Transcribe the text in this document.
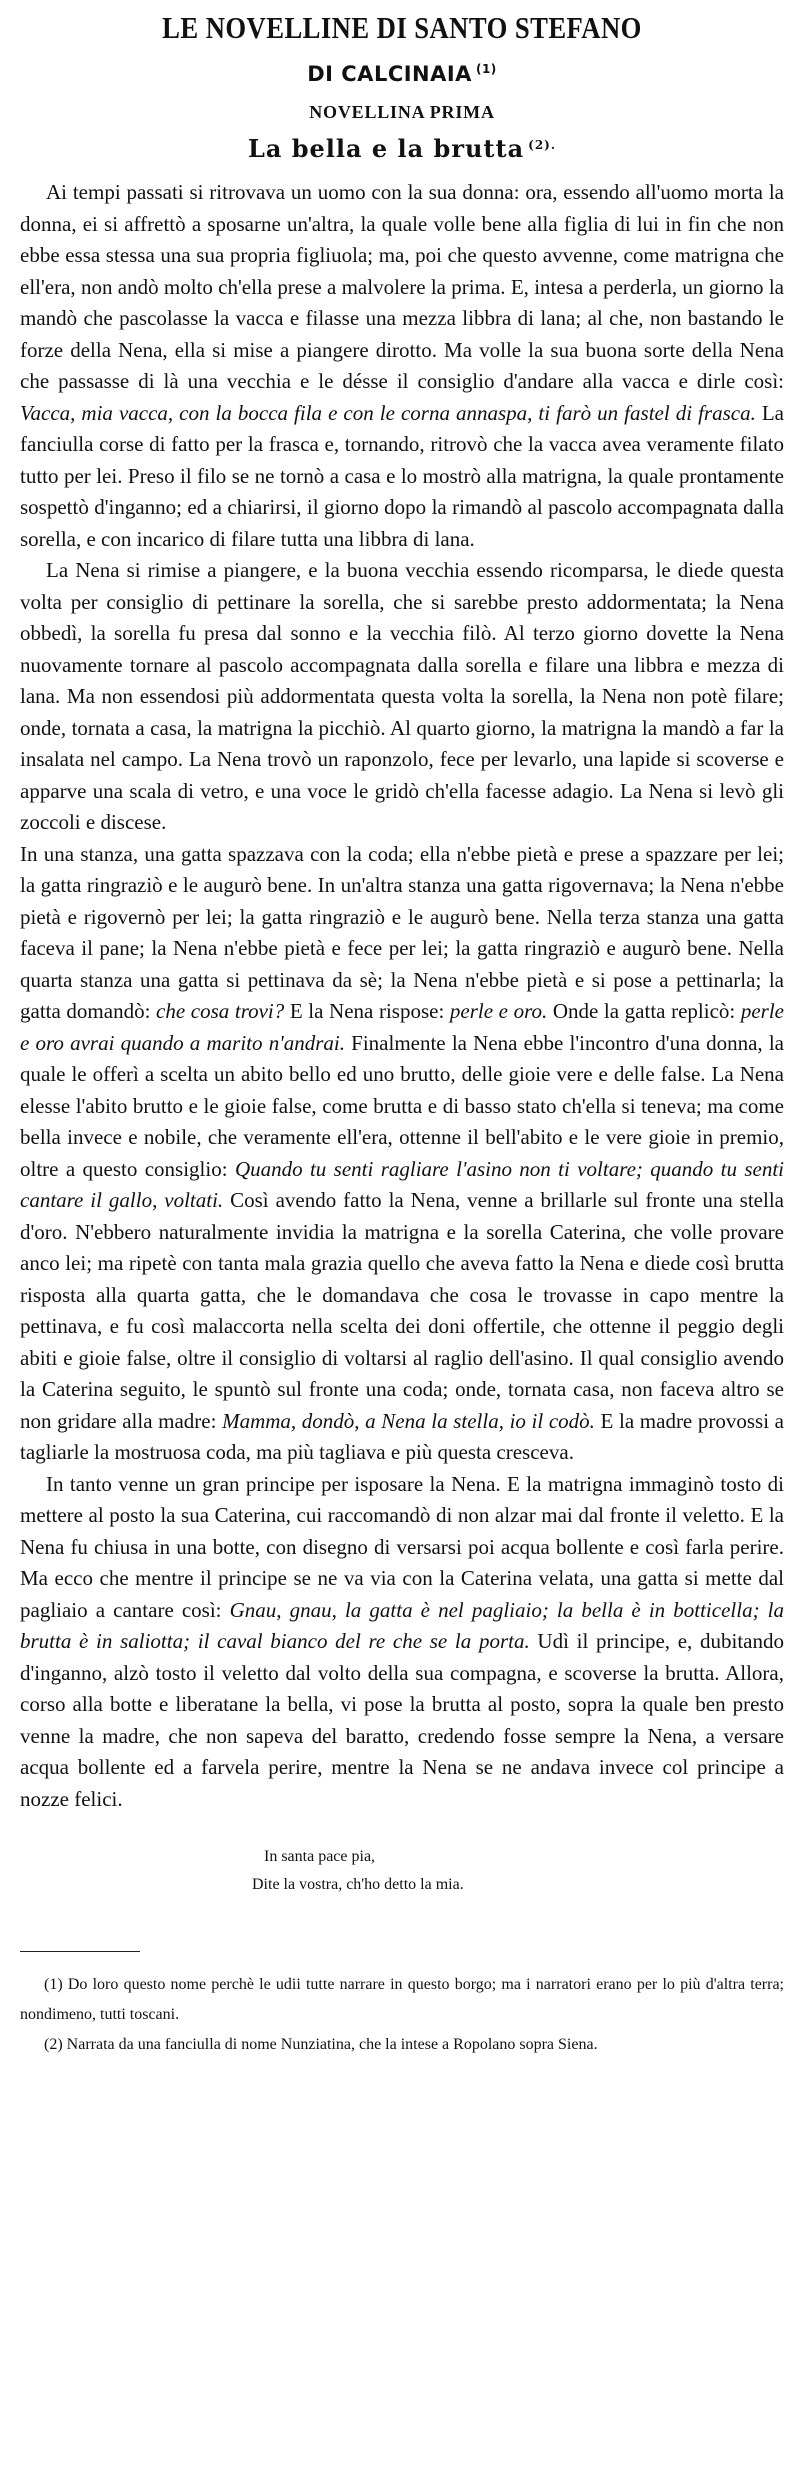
LE NOVELLINE DI SANTO STEFANO
DI CALCINAIA $^{(1)}$
NOVELLINA PRIMA
La bella e la brutta $^{(2).}$

Ai tempi passati si ritrovava un uomo con la sua donna: ora, essendo all'uomo morta la donna, ei si affrettò a sposarne un'altra, la quale volle bene alla figlia di lui in fin che non ebbe essa stessa una sua propria figliuola; ma, poi che questo avvenne, come matrigna che ell'era, non andò molto ch'ella prese a malvolere la prima. E, intesa a perderla, un giorno la mandò che pascolasse la vacca e filasse una mezza libbra di lana; al che, non bastando le forze della Nena, ella si mise a piangere dirotto. Ma volle la sua buona sorte della Nena che passasse di là una vecchia e le désse il consiglio d'andare alla vacca e dirle così: Vacca, mia vacca, con la bocca fila e con le corna annaspa, ti farò un fastel di frasca. La fanciulla corse di fatto per la frasca e, tornando, ritrovò che la vacca avea veramente filato tutto per lei. Preso il filo se ne tornò a casa e lo mostrò alla matrigna, la quale prontamente sospettò d'inganno; ed a chiarirsi, il giorno dopo la rimandò al pascolo accompagnata dalla sorella, e con incarico di filare tutta una libbra di lana.

La Nena si rimise a piangere, e la buona vecchia essendo ricomparsa, le diede questa volta per consiglio di pettinare la sorella, che si sarebbe presto addormentata; la Nena obbedì, la sorella fu presa dal sonno e la vecchia filò. Al terzo giorno dovette la Nena nuovamente tornare al pascolo accompagnata dalla sorella e filare una libbra e mezza di lana. Ma non essendosi più addormentata questa volta la sorella, la Nena non potè filare; onde, tornata a casa, la matrigna la picchiò. Al quarto giorno, la matrigna la mandò a far la insalata nel campo. La Nena trovò un raponzolo, fece per levarlo, una lapide si scoverse e apparve una scala di vetro, e una voce le gridò ch'ella facesse adagio. La Nena si levò gli zoccoli e discese.

In una stanza, una gatta spazzava con la coda; ella n'ebbe pietà e prese a spazzare per lei; la gatta ringraziò e le augurò bene. In un'altra stanza una gatta rigovernava; la Nena n'ebbe pietà e rigovernò per lei; la gatta ringraziò e le augurò bene. Nella terza stanza una gatta faceva il pane; la Nena n'ebbe pietà e fece per lei; la gatta ringraziò e augurò bene. Nella quarta stanza una gatta si pettinava da sè; la Nena n'ebbe pietà e si pose a pettinarla; la gatta domandò: che cosa trovi? E la Nena rispose: perle e oro. Onde la gatta replicò: perle e oro avrai quando a marito n'andrai. Finalmente la Nena ebbe l'incontro d'una donna, la quale le offerì a scelta un abito bello ed uno brutto, delle gioie vere e delle false. La Nena elesse l'abito brutto e le gioie false, come brutta e di basso stato ch'ella si teneva; ma come bella invece e nobile, che veramente ell'era, ottenne il bell'abito e le vere gioie in premio, oltre a questo consiglio: Quando tu senti ragliare l'asino non ti voltare; quando tu senti cantare il gallo, voltati. Così avendo fatto la Nena, venne a brillarle sul fronte una stella d'oro. N'ebbero naturalmente invidia la matrigna e la sorella Caterina, che volle provare anco lei; ma ripetè con tanta mala grazia quello che aveva fatto la Nena e diede così brutta risposta alla quarta gatta, che le domandava che cosa le trovasse in capo mentre la pettinava, e fu così malaccorta nella scelta dei doni offertile, che ottenne il peggio degli abiti e gioie false, oltre il consiglio di voltarsi al raglio dell'asino. Il qual consiglio avendo la Caterina seguito, le spuntò sul fronte una coda; onde, tornata casa, non faceva altro se non gridare alla madre: Mamma, dondò, a Nena la stella, io il codò. E la madre provossi a tagliarle la mostruosa coda, ma più tagliava e più questa cresceva.

In tanto venne un gran principe per isposare la Nena. E la matrigna immaginò tosto di mettere al posto la sua Caterina, cui raccomandò di non alzar mai dal fronte il veletto. E la Nena fu chiusa in una botte, con disegno di versarsi poi acqua bollente e così farla perire. Ma ecco che mentre il principe se ne va via con la Caterina velata, una gatta si mette dal pagliaio a cantare così: Gnau, gnau, la gatta è nel pagliaio; la bella è in botticella; la brutta è in saliotta; il caval bianco del re che se la porta. Udì il principe, e, dubitando d'inganno, alzò tosto il veletto dal volto della sua compagna, e scoverse la brutta. Allora, corso alla botte e liberatane la bella, vi pose la brutta al posto, sopra la quale ben presto venne la madre, che non sapeva del baratto, credendo fosse sempre la Nena, a versare acqua bollente ed a farvela perire, mentre la Nena se ne andava invece col principe a nozze felici.

In santa pace pia,
Dite la vostra, ch'ho detto la mia.

(1) Do loro questo nome perchè le udii tutte narrare in questo borgo; ma i narratori erano per lo più d'altra terra; nondimeno, tutti toscani.

(2) Narrata da una fanciulla di nome Nunziatina, che la intese a Ropolano sopra Siena.
